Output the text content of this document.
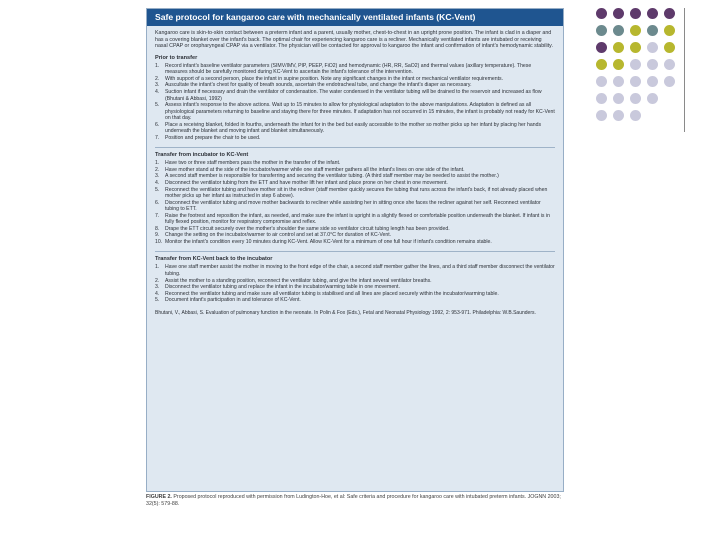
Safe protocol for kangaroo care with mechanically ventilated infants (KC-Vent)

Kangaroo care is skin-to-skin contact between a preterm infant and a parent, usually mother, chest-to-chest in an upright prone position. The infant is clad in a diaper and has a covering blanket over the infant's back. The optimal chair for experiencing kangaroo care is a recliner. Mechanically ventilated infants are intubated or receiving nasal CPAP or oropharyngeal CPAP via a ventilator. The physician will be contacted for approval to kangaroo the infant and confirmation of infant's hemodynamic stability.

Prior to transfer
1.	Record infant's baseline ventilator parameters (SIMV/IMV, PIP, PEEP, FiO2) and hemodynamic (HR, RR, SaO2) and thermal values (axillary temperature). These measures should be carefully monitored during KC-Vent to ascertain the infant's tolerance of the intervention.
2.	With support of a second person, place the infant in supine position. Note any significant changes in the infant or mechanical ventilator requirements.
3.	Auscultate the infant's chest for quality of breath sounds, ascertain the endotracheal tube, and change the infant's diaper as necessary.
4.	Suction infant if necessary and drain the ventilator of condensation. The water condensed in the ventilator tubing will be drained to the reservoir and increased as flow (Bhutani & Abbasi, 1992)
5.	Assess infant's response to the above actions. Wait up to 15 minutes to allow for physiological adaptation to the above manipulations. Adaptation is defined as all physiological parameters returning to baseline and staying there for three minutes. If adaptation has not occurred in 15 minutes, the infant is probably not ready for KC-Vent on that day.
6.	Place a receiving blanket, folded in fourths, underneath the infant for in the bed but easily accessible to the mother so mother picks up her infant by placing her hands underneath the blanket and moving infant and blanket simultaneously.
7.	Position and prepare the chair to be used.
Transfer from incubator to KC-Vent
1.	Have two or three staff members pass the mother in the transfer of the infant.
2.	Have mother stand at the side of the incubator/warmer while one staff member gathers all the infant's lines on one side of the infant.
3.	A second staff member is responsible for transferring and securing the ventilator tubing. (A third staff member may be needed to assist the mother.)
4.	Disconnect the ventilator tubing from the ETT and have mother lift her infant and place prone on her chest in one movement.
5.	Reconnect the ventilator tubing and have mother sit in the recliner (staff member quickly secures the tubing that runs across the infant's back, if not already placed when mother picks up her infant as instructed in step 6 above).
6.	Disconnect the ventilator tubing and move mother backwards to recliner while assisting her in sitting once she faces the recliner against her self. Reconnect ventilator tubing to ETT.
7.	Raise the footrest and reposition the infant, as needed, and make sure the infant is upright in a slightly flexed or comfortable position underneath the blanket. If infant is in fully flexed position, monitor for respiratory compromise and reflex.
8.	Drape the ETT circuit securely over the mother's shoulder the same side so ventilator circuit tubing length has been provided.
9.	Change the setting on the incubator/warmer to air control and set at 37.0°C for duration of KC-Vent.
10. Monitor the infant's condition every 10 minutes during KC-Vent. Allow KC-Vent for a minimum of one full hour if infant's condition remains stable.
Transfer from KC-Vent back to the incubator
1.	Have one staff member assist the mother in moving to the front edge of the chair, a second staff member gather the lines, and a third staff member disconnect the ventilator tubing.
2.	Assist the mother to a standing position, reconnect the ventilator tubing, and give the infant several ventilator breaths.
3.	Disconnect the ventilator tubing and replace the infant in the incubator/warming table in one movement.
4.	Reconnect the ventilator tubing and make sure all ventilator tubing is stabilised and all lines are placed securely within the incubator/warming table.
5.	Document infant's participation in and tolerance of KC-Vent.
Bhutani, V., Abbasi, S. Evaluation of pulmonary function in the neonate. In Polin & Fox (Eds.), Fetal and Neonatal Physiology 1992, 2: 953-971. Philadelphia: W.B.Saunders.
FIGURE 2. Proposed protocol reproduced with permission from Ludington-Hoe, et al: Safe criteria and procedure for kangaroo care with intubated preterm infants. JOGNN 2003; 32(5): 579-88.
